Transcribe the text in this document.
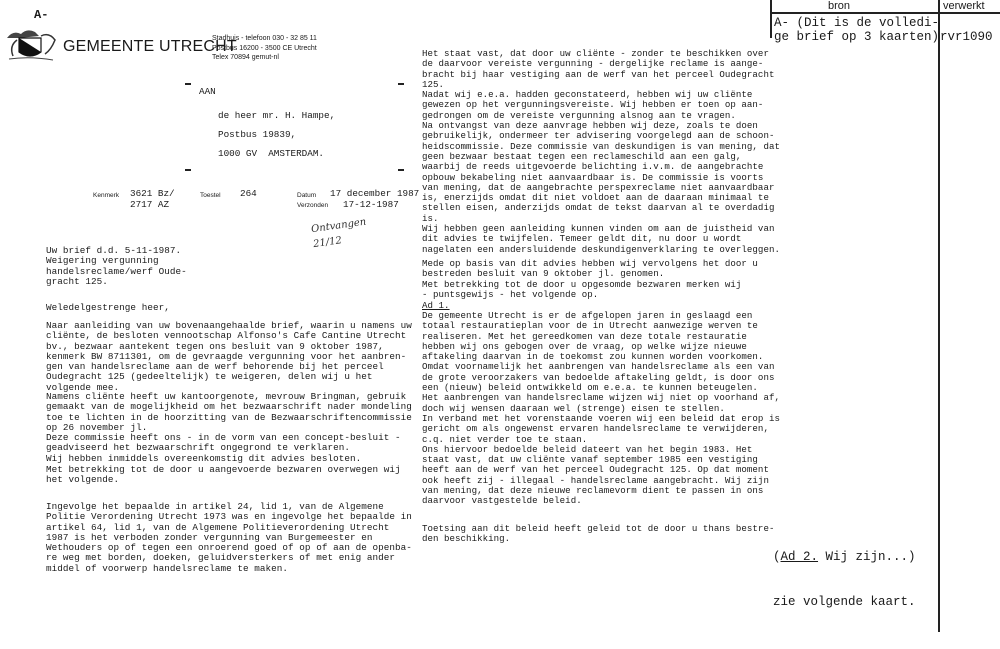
bron	verwerkt
A- (Dit is de volledi-
ge brief op 3 kaarten) rvr1090

(Ad 2. Wij zijn...)

zie volgende kaart.

A-
GEMEENTE UTRECHT
Stadhuis - telefoon 030 - 32 85 11
Postbus 16200 - 3500 CE Utrecht
Telex 70894 gemut-nl
AAN
de heer mr. H. Hampe,
Postbus 19839,
1000 GV  AMSTERDAM.
Kenmerk 3621 Bz/
2717 AZ
Toestel 264	Datum 17 december 1987
Verzonden 17-12-1987
Ontvangen 21/12
Uw brief d.d. 5-11-1987.
Weigering vergunning
handelsreclame/werf Oude-
gracht 125.
Weledelgestrenge heer,
Naar aanleiding van uw bovenaangehaalde brief, waarin u namens uw
cliënte, de besloten vennootschap Alfonso's Cafe Cantine Utrecht
bv., bezwaar aantekent tegen ons besluit van 9 oktober 1987,
kenmerk BW 8711301, om de gevraagde vergunning voor het aanbren-
gen van handelsreclame aan de werf behorende bij het perceel
Oudegracht 125 (gedeeltelijk) te weigeren, delen wij u het
volgende mee.
Namens cliënte heeft uw kantoorgenote, mevrouw Bringman, gebruik
gemaakt van de mogelijkheid om het bezwaarschrift nader mondeling
toe te lichten in de hoorzitting van de Bezwaarschriftencommissie
op 26 november jl.
Deze commissie heeft ons - in de vorm van een concept-besluit -
geadviseerd het bezwaarschrift ongegrond te verklaren.
Wij hebben inmiddels overeenkomstig dit advies besloten.
Met betrekking tot de door u aangevoerde bezwaren overwegen wij
het volgende.
Ingevolge het bepaalde in artikel 24, lid 1, van de Algemene
Politie Verordening Utrecht 1973 was en ingevolge het bepaalde in
artikel 64, lid 1, van de Algemene Politieverordening Utrecht
1987 is het verboden zonder vergunning van Burgemeester en
Wethouders op of tegen een onroerend goed of op of aan de openba-
re weg met borden, doeken, geluidversterkers of met enig ander
middel of voorwerp handelsreclame te maken.
Het staat vast, dat door uw cliënte - zonder te beschikken over
de daarvoor vereiste vergunning - dergelijke reclame is aange-
bracht bij haar vestiging aan de werf van het perceel Oudegracht
125.
Nadat wij e.e.a. hadden geconstateerd, hebben wij uw cliënte
gewezen op het vergunningsvereiste. Wij hebben er toen op aan-
gedrongen om de vereiste vergunning alsnog aan te vragen.
Na ontvangst van deze aanvrage hebben wij deze, zoals te doen
gebruikelijk, ondermeer ter advisering voorgelegd aan de schoon-
heidscommissie. Deze commissie van deskundigen is van mening, dat
geen bezwaar bestaat tegen een reclameschild aan een galg,
waarbij de reeds uitgevoerde belichting i.v.m. de aangebrachte
opbouw bekabeling niet aanvaardbaar is. De commissie is voorts
van mening, dat de aangebrachte perspexreclame niet aanvaardbaar
is, enerzijds omdat dit niet voldoet aan de daaraan minimaal te
stellen eisen, anderzijds omdat de tekst daarvan al te overdadig
is.
Wij hebben geen aanleiding kunnen vinden om aan de juistheid van
dit advies te twijfelen. Temeer geldt dit, nu door u wordt
nagelaten een andersluidende deskundigenverklaring te overleggen.
Mede op basis van dit advies hebben wij vervolgens het door u
bestreden besluit van 9 oktober jl. genomen.
Met betrekking tot de door u opgesomde bezwaren merken wij
- puntsgewijs - het volgende op.
Ad 1.
De gemeente Utrecht is er de afgelopen jaren in geslaagd een
totaal restauratieplan voor de in Utrecht aanwezige werven te
realiseren. Met het gereedkomen van deze totale restauratie
hebben wij ons gebogen over de vraag, op welke wijze nieuwe
aftakeling daarvan in de toekomst zou kunnen worden voorkomen.
Omdat voornamelijk het aanbrengen van handelsreclame als een van
de grote veroorzakers van bedoelde aftakeling geldt, is door ons
een (nieuw) beleid ontwikkeld om e.e.a. te kunnen beteugelen.
Het aanbrengen van handelsreclame wijzen wij niet op voorhand af,
doch wij wensen daaraan wel (strenge) eisen te stellen.
In verband met het vorenstaande voeren wij een beleid dat erop is
gericht om als ongewenst ervaren handelsreclame te verwijderen,
c.q. niet verder toe te staan.
Ons hiervoor bedoelde beleid dateert van het begin 1983. Het
staat vast, dat uw cliënte vanaf september 1985 een vestiging
heeft aan de werf van het perceel Oudegracht 125. Op dat moment
ook heeft zij - illegaal - handelsreclame aangebracht. Wij zijn
van mening, dat deze nieuwe reclamevorm dient te passen in ons
daarvoor vastgestelde beleid.
Toetsing aan dit beleid heeft geleid tot de door u thans bestre-
den beschikking.
